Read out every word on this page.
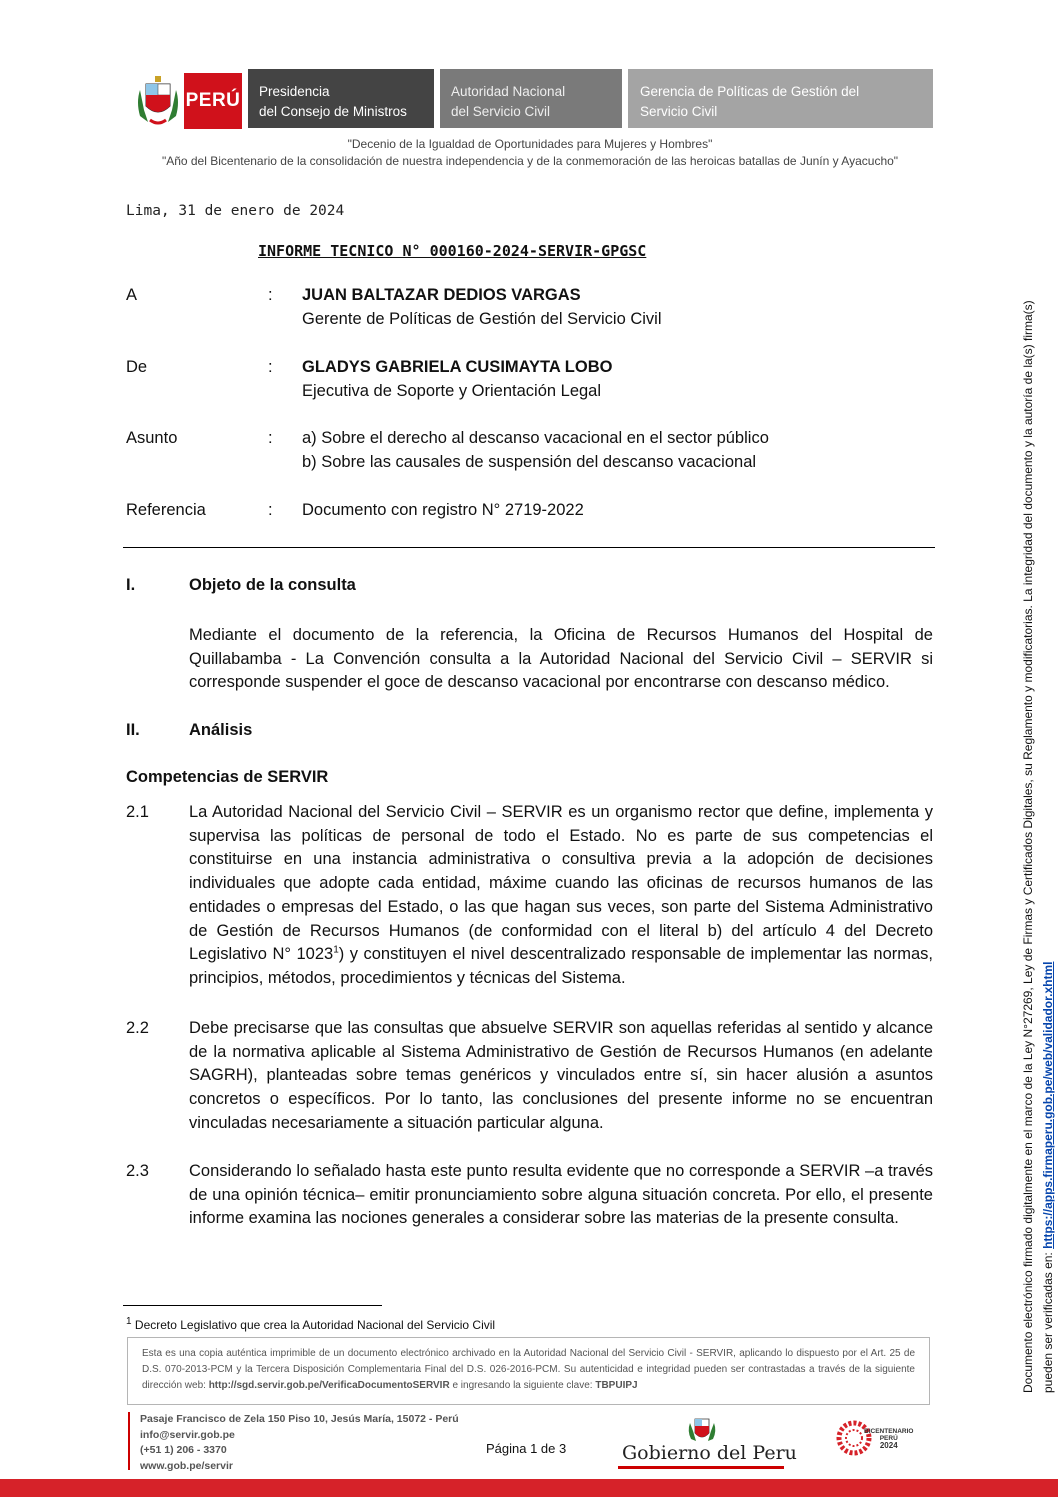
PERÚ Presidencia
del Consejo de Ministros
Autoridad Nacional
del Servicio Civil
Gerencia de Políticas de Gestión del
Servicio Civil
"Decenio de la Igualdad de Oportunidades para Mujeres y Hombres"
"Año del Bicentenario de la consolidación de nuestra independencia y de la conmemoración de las heroicas batallas de Junín y Ayacucho"
Lima, 31 de enero de 2024
INFORME TECNICO N° 000160-2024-SERVIR-GPGSC
A	: JUAN BALTAZAR DEDIOS VARGAS
Gerente de Políticas de Gestión del Servicio Civil
De	: GLADYS GABRIELA CUSIMAYTA LOBO
Ejecutiva de Soporte y Orientación Legal
Asunto	: a) Sobre el derecho al descanso vacacional en el sector público
b) Sobre las causales de suspensión del descanso vacacional
Referencia	: Documento con registro N° 2719-2022
I.	Objeto de la consulta
Mediante el documento de la referencia, la Oficina de Recursos Humanos del Hospital de Quillabamba - La Convención consulta a la Autoridad Nacional del Servicio Civil – SERVIR si corresponde suspender el goce de descanso vacacional por encontrarse con descanso médico.
II.	Análisis
Competencias de SERVIR
2.1 La Autoridad Nacional del Servicio Civil – SERVIR es un organismo rector que define, implementa y supervisa las políticas de personal de todo el Estado. No es parte de sus competencias el constituirse en una instancia administrativa o consultiva previa a la adopción de decisiones individuales que adopte cada entidad, máxime cuando las oficinas de recursos humanos de las entidades o empresas del Estado, o las que hagan sus veces, son parte del Sistema Administrativo de Gestión de Recursos Humanos (de conformidad con el literal b) del artículo 4 del Decreto Legislativo N° 1023$^1$) y constituyen el nivel descentralizado responsable de implementar las normas, principios, métodos, procedimientos y técnicas del Sistema.
2.2 Debe precisarse que las consultas que absuelve SERVIR son aquellas referidas al sentido y alcance de la normativa aplicable al Sistema Administrativo de Gestión de Recursos Humanos (en adelante SAGRH), planteadas sobre temas genéricos y vinculados entre sí, sin hacer alusión a asuntos concretos o específicos. Por lo tanto, las conclusiones del presente informe no se encuentran vinculadas necesariamente a situación particular alguna.
2.3 Considerando lo señalado hasta este punto resulta evidente que no corresponde a SERVIR –a través de una opinión técnica– emitir pronunciamiento sobre alguna situación concreta. Por ello, el presente informe examina las nociones generales a considerar sobre las materias de la presente consulta.
$^1$ Decreto Legislativo que crea la Autoridad Nacional del Servicio Civil
Esta es una copia auténtica imprimible de un documento electrónico archivado en la Autoridad Nacional del Servicio Civil - SERVIR, aplicando lo dispuesto por el Art. 25 de D.S. 070-2013-PCM y la Tercera Disposición Complementaria Final del D.S. 026-2016-PCM. Su autenticidad e integridad pueden ser contrastadas a través de la siguiente dirección web: http://sgd.servir.gob.pe/VerificaDocumentoSERVIR e ingresando la siguiente clave: TBPUIPJ
Pasaje Francisco de Zela 150 Piso 10, Jesús María, 15072 - Perú
info@servir.gob.pe
(+51 1) 206 - 3370
www.gob.pe/servir
Página 1 de 3	Gobierno del Peru
BICENTENARIO
PERÚ
2024
Documento electrónico firmado digitalmente en el marco de la Ley N°27269, Ley de Firmas y Certificados Digitales, su Reglamento y modificatorias. La integridad del documento y la autoría de la(s) firma(s) pueden ser verificadas en: https://apps.firmaperu.gob.pe/web/validador.xhtml
